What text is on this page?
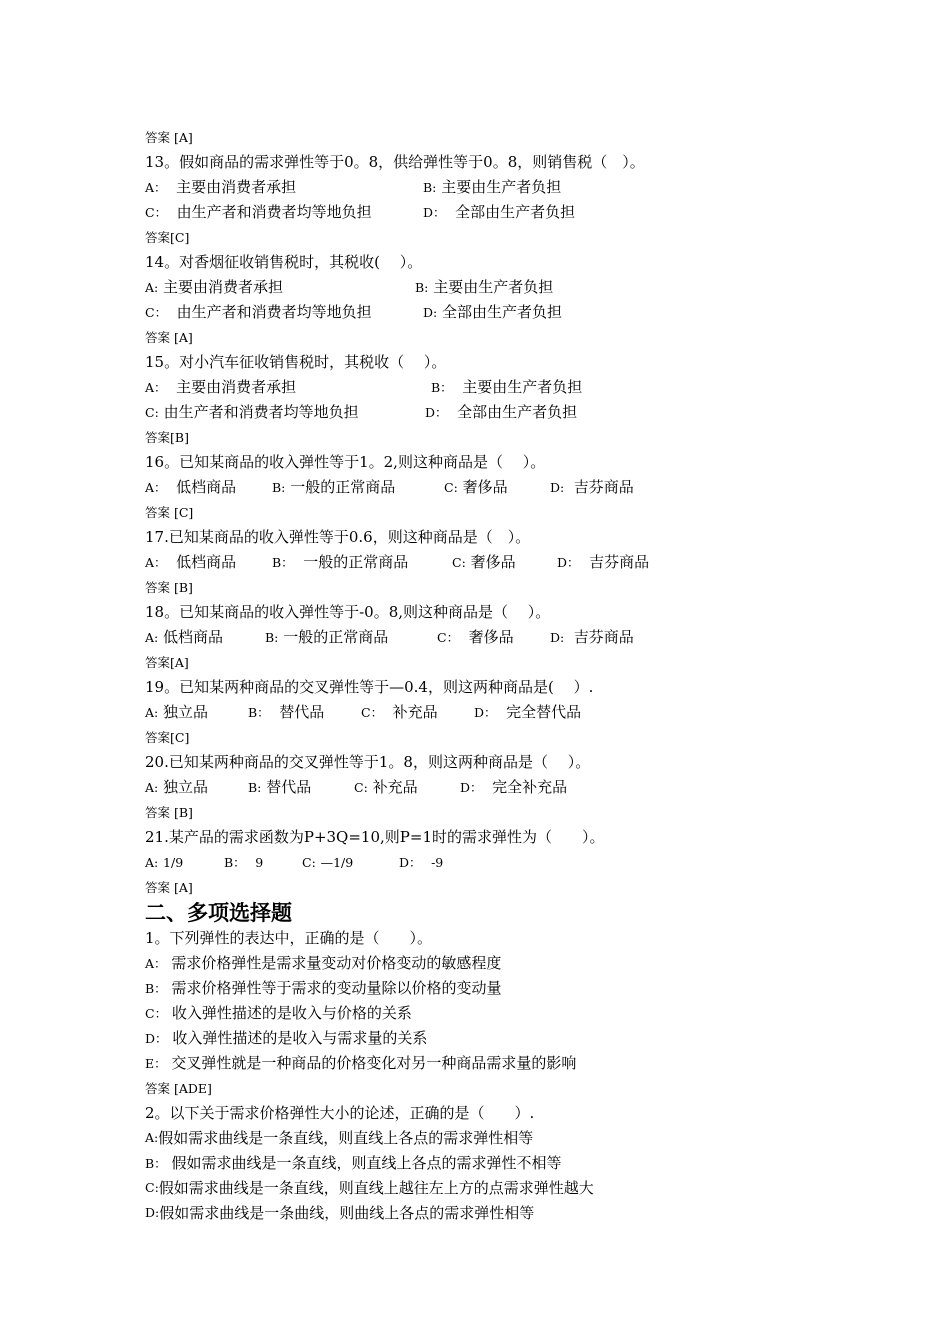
答案 [A]
13。假如商品的需求弹性等于0。8，供给弹性等于0。8，则销售税（　）。
A： 主要由消费者承担	B: 主要由生产者负担
C： 由生产者和消费者均等地负担	D： 全部由生产者负担
答案[C]
14。对香烟征收销售税时，其税收(　 ）。
A: 主要由消费者承担	B: 主要由生产者负担
C： 由生产者和消费者均等地负担	D: 全部由生产者负担
答案 [A]
15。对小汽车征收销售税时，其税收（　 ）。
A： 主要由消费者承担	B： 主要由生产者负担
C: 由生产者和消费者均等地负担	D： 全部由生产者负担
答案[B]
16。已知某商品的收入弹性等于1。2,则这种商品是（　 ）。
A： 低档商品	B: 一般的正常商品	C: 奢侈品	D: 吉芬商品
答案 [C]
17.已知某商品的收入弹性等于0.6，则这种商品是（　）。
A： 低档商品	B： 一般的正常商品	C: 奢侈品	D： 吉芬商品
答案 [B]
18。已知某商品的收入弹性等于-0。8,则这种商品是（　 ）。
A: 低档商品	B: 一般的正常商品	C： 奢侈品	D: 吉芬商品
答案[A]
19。已知某两种商品的交叉弹性等于—0.4，则这两种商品是(　 ）.
A: 独立品	B： 替代品	C： 补充品	D： 完全替代品
答案[C]
20.已知某两种商品的交叉弹性等于1。8，则这两种商品是（　 ）。
A: 独立品	B: 替代品	C: 补充品	D： 完全补充品
答案 [B]
21.某产品的需求函数为P+3Q=10,则P=1时的需求弹性为（　　）。
A: 1/9	B： 9	C: —1/9	D： -9
答案 [A]
二、多项选择题
1。下列弹性的表达中，正确的是（　　）。
A：
需求价格弹性是需求量变动对价格变动的敏感程度
B：
需求价格弹性等于需求的变动量除以价格的变动量
C：
收入弹性描述的是收入与价格的关系
D：
收入弹性描述的是收入与需求量的关系
E：
交叉弹性就是一种商品的价格变化对另一种商品需求量的影响
答案 [ADE]
2。以下关于需求价格弹性大小的论述，正确的是（　　）.
A: 假如需求曲线是一条直线，则直线上各点的需求弹性相等
B：
假如需求曲线是一条直线，则直线上各点的需求弹性不相等
C: 假如需求曲线是一条直线，则直线上越往左上方的点需求弹性越大
D: 假如需求曲线是一条曲线，则曲线上各点的需求弹性相等
